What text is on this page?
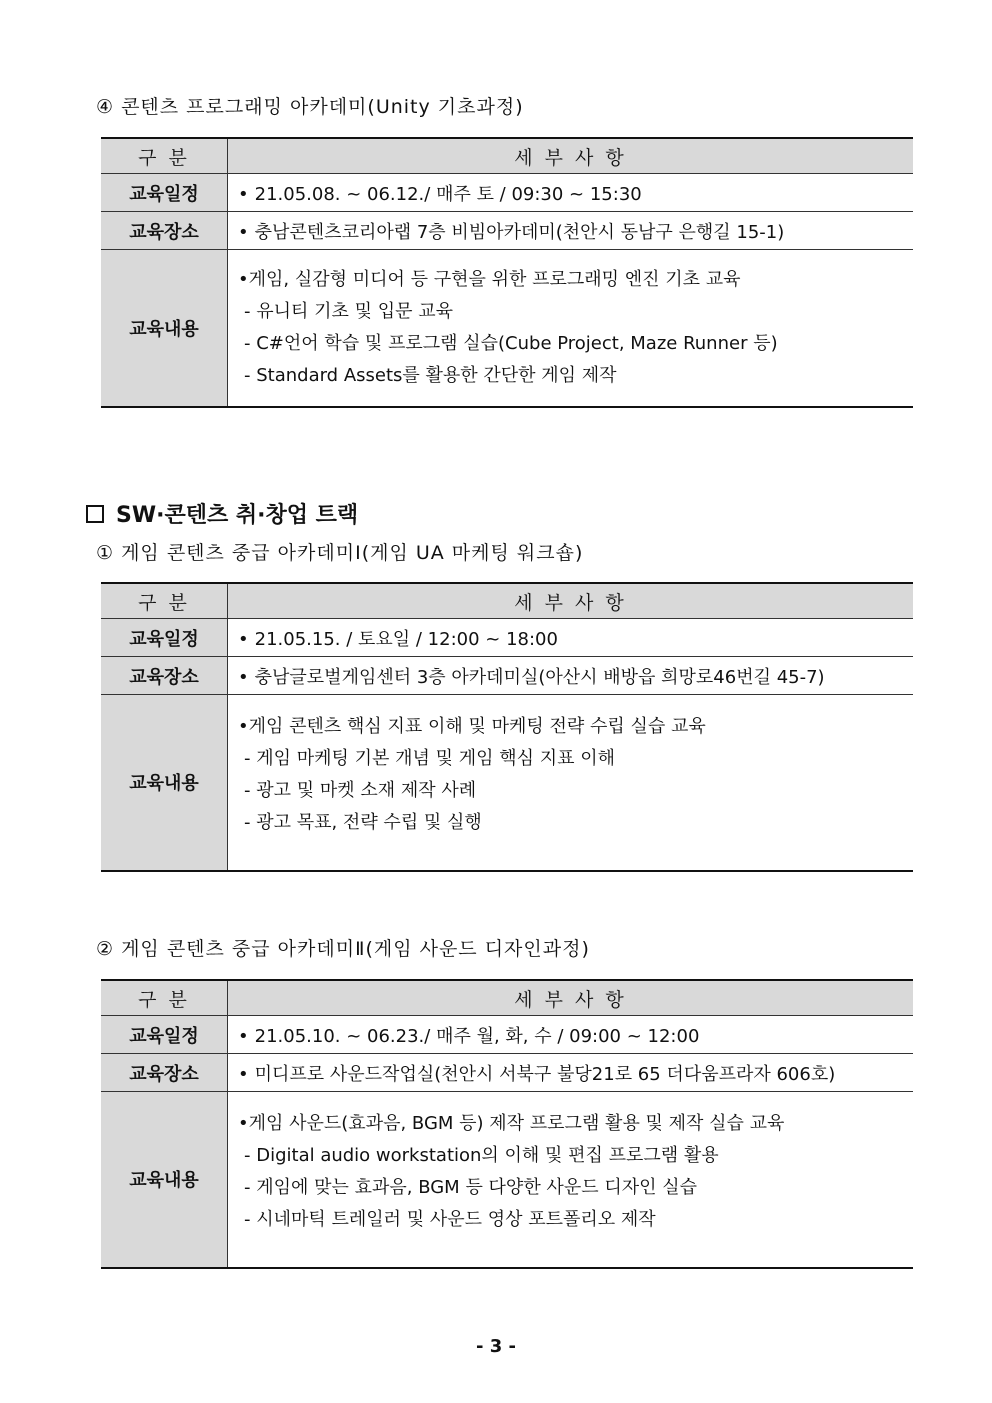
④ 콘텐츠 프로그래밍 아카데미(Unity 기초과정)
구 분	세 부 사 항
교육일정	• 21.05.08. ~ 06.12./ 매주 토 / 09:30 ~ 15:30
교육장소	• 충남콘텐츠코리아랩 7층 비빔아카데미(천안시 동남구 은행길 15-1)
교육내용	•게임, 실감형 미디어 등 구현을 위한 프로그래밍 엔진 기초 교육
- 유니티 기초 및 입문 교육
- C#언어 학습 및 프로그램 실습(Cube Project, Maze Runner 등)
- Standard Assets를 활용한 간단한 게임 제작
SW·콘텐츠 취·창업 트랙
① 게임 콘텐츠 중급 아카데미Ⅰ(게임 UA 마케팅 워크숍)
구 분	세 부 사 항
교육일정	• 21.05.15. / 토요일 / 12:00 ~ 18:00
교육장소	• 충남글로벌게임센터 3층 아카데미실(아산시 배방읍 희망로46번길 45-7)
교육내용	•게임 콘텐츠 핵심 지표 이해 및 마케팅 전략 수립 실습 교육
- 게임 마케팅 기본 개념 및 게임 핵심 지표 이해
- 광고 및 마켓 소재 제작 사례
- 광고 목표, 전략 수립 및 실행
② 게임 콘텐츠 중급 아카데미Ⅱ(게임 사운드 디자인과정)
구 분	세 부 사 항
교육일정	• 21.05.10. ~ 06.23./ 매주 월, 화, 수 / 09:00 ~ 12:00
교육장소	• 미디프로 사운드작업실(천안시 서북구 불당21로 65 더다움프라자 606호)
교육내용	•게임 사운드(효과음, BGM 등) 제작 프로그램 활용 및 제작 실습 교육
- Digital audio workstation의 이해 및 편집 프로그램 활용
- 게임에 맞는 효과음, BGM 등 다양한 사운드 디자인 실습
- 시네마틱 트레일러 및 사운드 영상 포트폴리오 제작
- 3 -
